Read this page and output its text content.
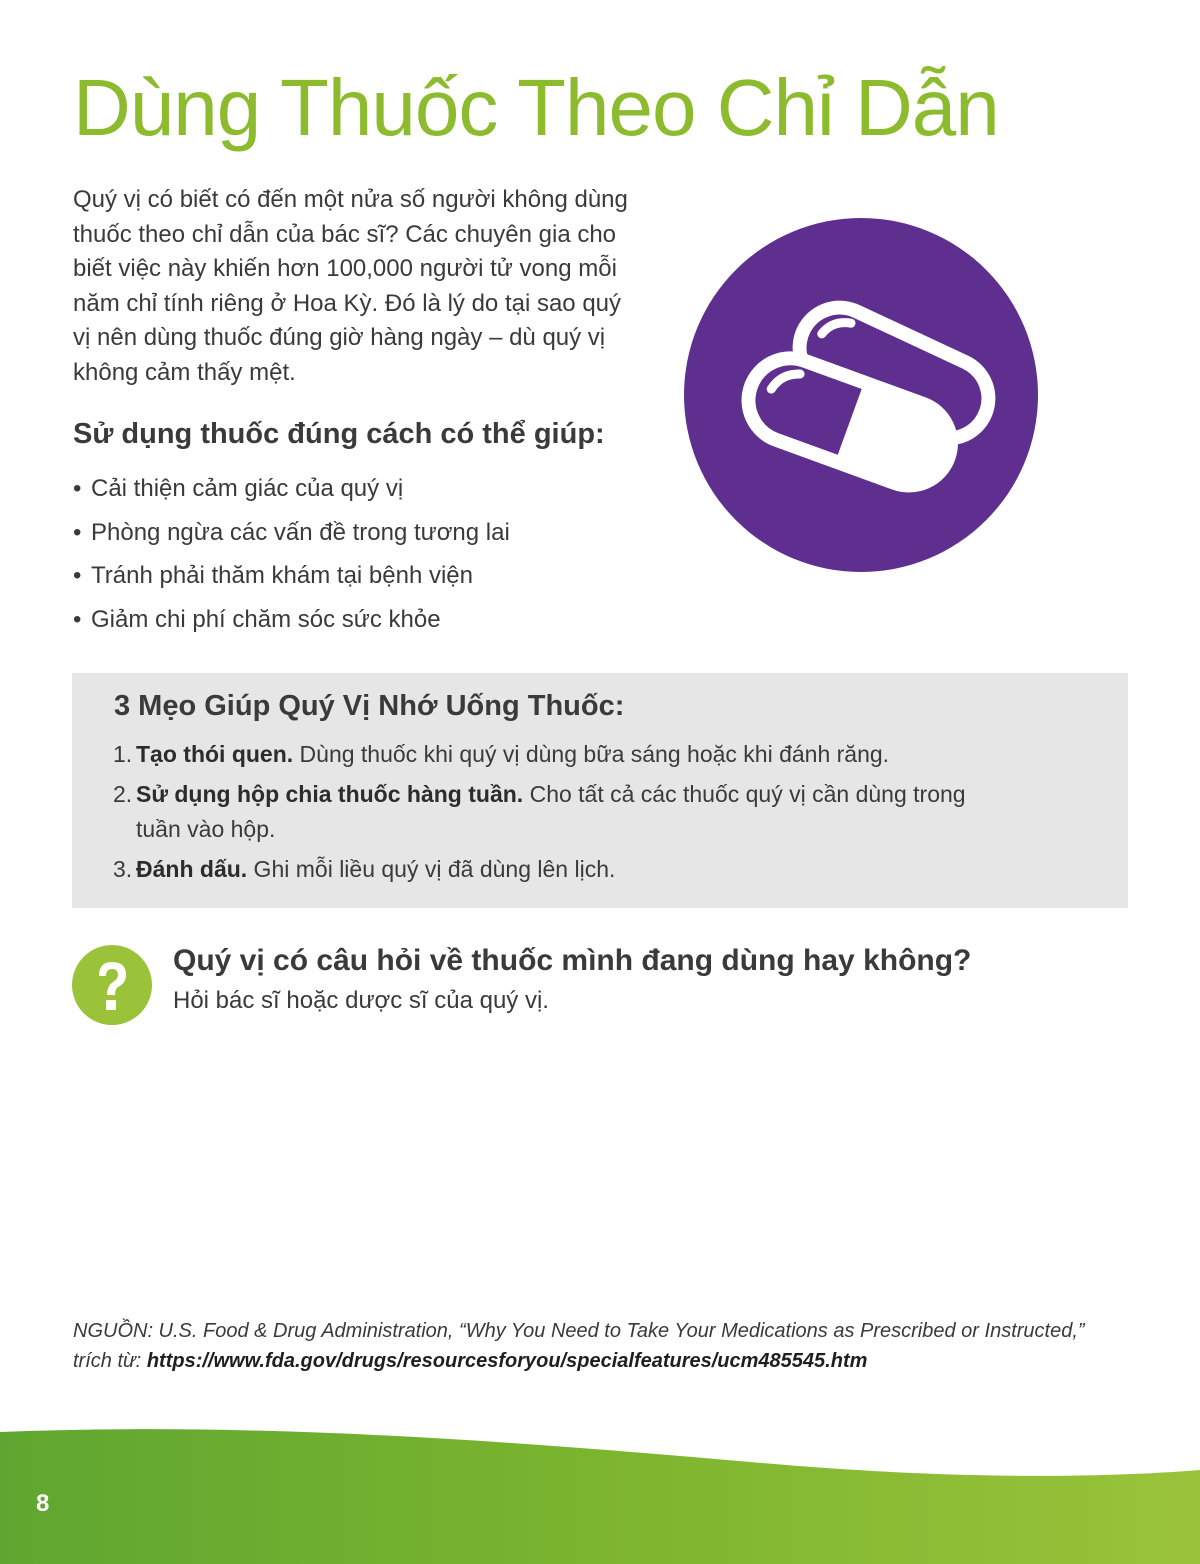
Dùng Thuốc Theo Chỉ Dẫn

Quý vị có biết có đến một nửa số người không dùng thuốc theo chỉ dẫn của bác sĩ? Các chuyên gia cho biết việc này khiến hơn 100,000 người tử vong mỗi năm chỉ tính riêng ở Hoa Kỳ. Đó là lý do tại sao quý vị nên dùng thuốc đúng giờ hàng ngày – dù quý vị không cảm thấy mệt.

Sử dụng thuốc đúng cách có thể giúp:
• Cải thiện cảm giác của quý vị
• Phòng ngừa các vấn đề trong tương lai
• Tránh phải thăm khám tại bệnh viện
• Giảm chi phí chăm sóc sức khỏe
3 Mẹo Giúp Quý Vị Nhớ Uống Thuốc:
1. Tạo thói quen. Dùng thuốc khi quý vị dùng bữa sáng hoặc khi đánh răng.
2. Sử dụng hộp chia thuốc hàng tuần. Cho tất cả các thuốc quý vị cần dùng trong tuần vào hộp.
3. Đánh dấu. Ghi mỗi liều quý vị đã dùng lên lịch.
Quý vị có câu hỏi về thuốc mình đang dùng hay không?

Hỏi bác sĩ hoặc dược sĩ của quý vị.

NGUỒN: U.S. Food & Drug Administration, “Why You Need to Take Your Medications as Prescribed or Instructed,”
trích từ: https://www.fda.gov/drugs/resourcesforyou/specialfeatures/ucm485545.htm

8
